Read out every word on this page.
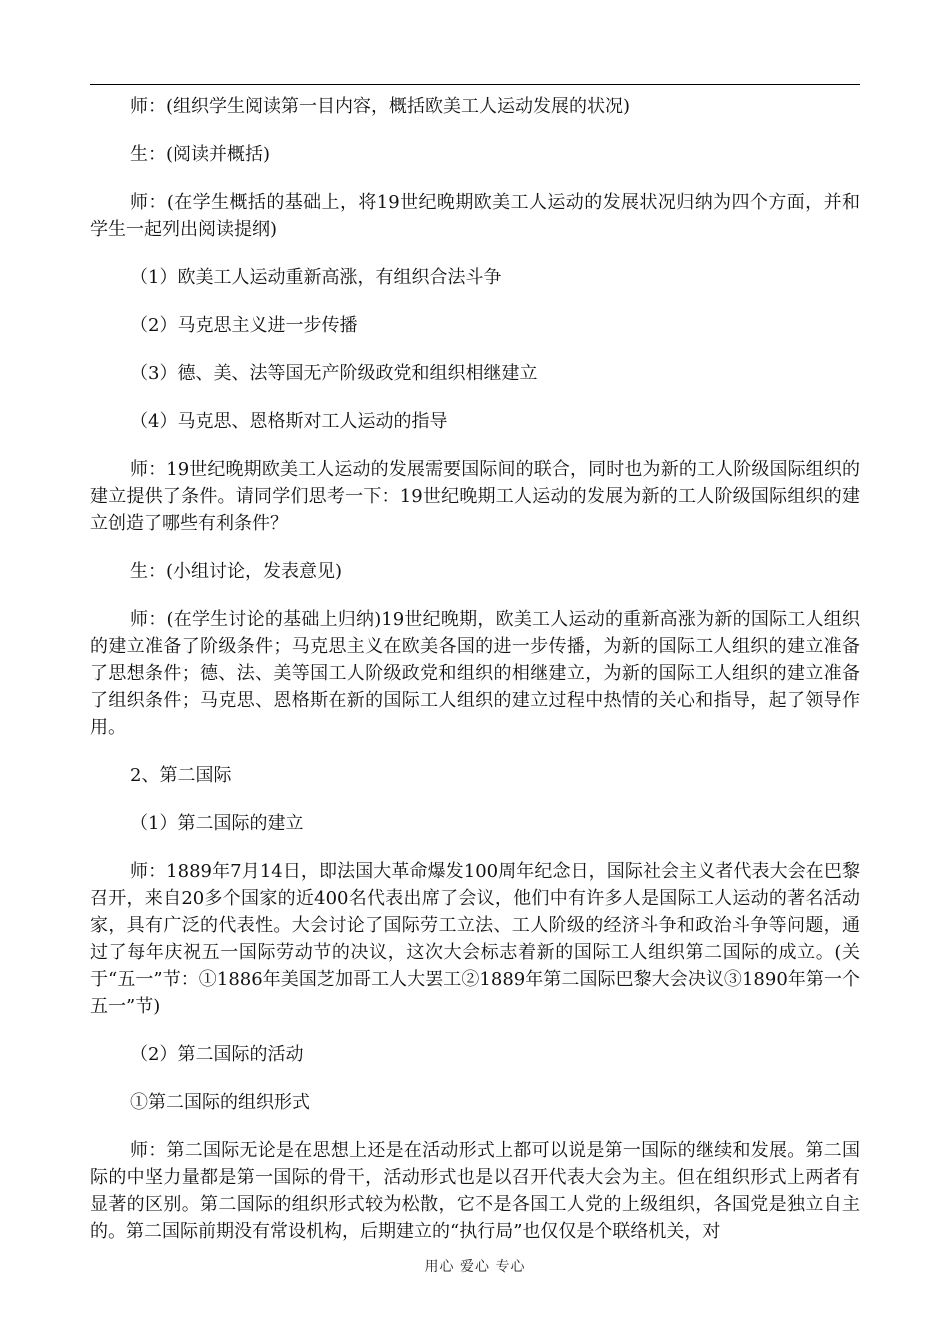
师：(组织学生阅读第一目内容，概括欧美工人运动发展的状况)

生：(阅读并概括)

师：(在学生概括的基础上，将19世纪晚期欧美工人运动的发展状况归纳为四个方面，并和学生一起列出阅读提纲)

（1）欧美工人运动重新高涨，有组织合法斗争

（2）马克思主义进一步传播

（3）德、美、法等国无产阶级政党和组织相继建立

（4）马克思、恩格斯对工人运动的指导

师：19世纪晚期欧美工人运动的发展需要国际间的联合，同时也为新的工人阶级国际组织的建立提供了条件。请同学们思考一下：19世纪晚期工人运动的发展为新的工人阶级国际组织的建立创造了哪些有利条件？

生：(小组讨论，发表意见)

师：(在学生讨论的基础上归纳)19世纪晚期，欧美工人运动的重新高涨为新的国际工人组织的建立准备了阶级条件；马克思主义在欧美各国的进一步传播，为新的国际工人组织的建立准备了思想条件；德、法、美等国工人阶级政党和组织的相继建立，为新的国际工人组织的建立准备了组织条件；马克思、恩格斯在新的国际工人组织的建立过程中热情的关心和指导，起了领导作用。

2、第二国际

（1）第二国际的建立

师：1889年7月14日，即法国大革命爆发100周年纪念日，国际社会主义者代表大会在巴黎召开，来自20多个国家的近400名代表出席了会议，他们中有许多人是国际工人运动的著名活动家，具有广泛的代表性。大会讨论了国际劳工立法、工人阶级的经济斗争和政治斗争等问题，通过了每年庆祝五一国际劳动节的决议，这次大会标志着新的国际工人组织第二国际的成立。(关于“五一”节：①1886年美国芝加哥工人大罢工②1889年第二国际巴黎大会决议③1890年第一个五一”节)

（2）第二国际的活动

①第二国际的组织形式

师：第二国际无论是在思想上还是在活动形式上都可以说是第一国际的继续和发展。第二国际的中坚力量都是第一国际的骨干，活动形式也是以召开代表大会为主。但在组织形式上两者有显著的区别。第二国际的组织形式较为松散，它不是各国工人党的上级组织，各国党是独立自主的。第二国际前期没有常设机构，后期建立的“执行局”也仅仅是个联络机关，对

用心 爱心 专心
